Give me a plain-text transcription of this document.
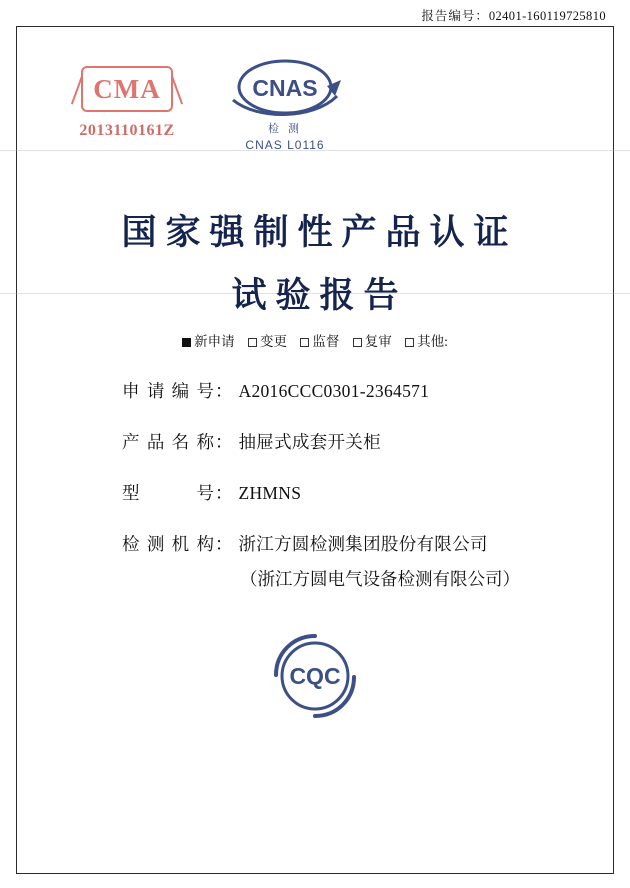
报告编号：02401-160119725810
CMA
2013110161Z
CNAS
检 测
CNAS L0116
国家强制性产品认证
试验报告
新申请 变更 监督 复审 其他:
申请编号 ： A2016CCC0301-2364571
产品名称 ： 抽屉式成套开关柜
型　号 ： ZHMNS
检测机构 ： 浙江方圆检测集团股份有限公司
（浙江方圆电气设备检测有限公司）
CQC
